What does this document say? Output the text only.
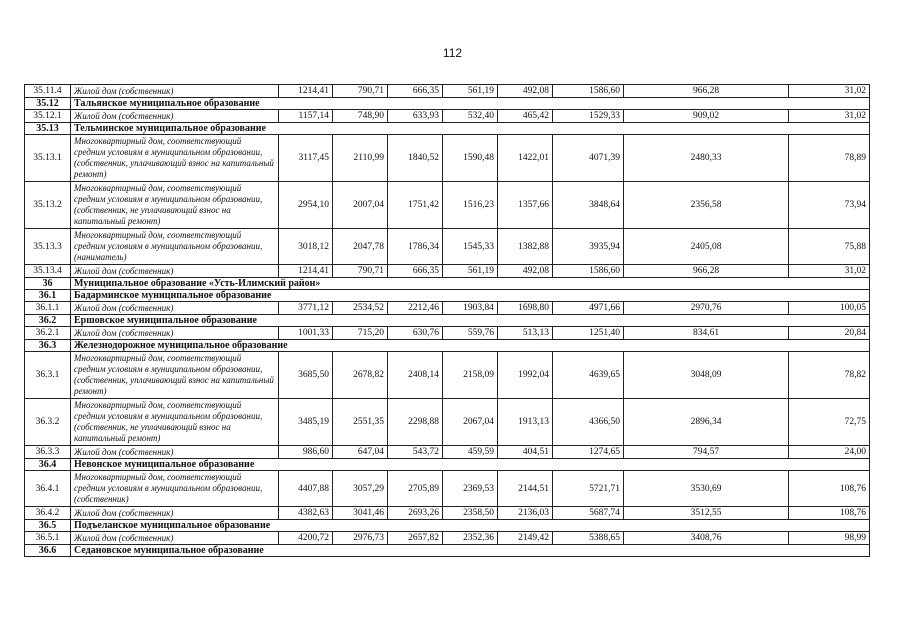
112
35.11.4	Жилой дом (собственник)	1214,41	790,71	666,35	561,19	492,08	1586,60	966,28	31,02
35.12	Тальянское муниципальное образование								
35.12.1	Жилой дом (собственник)	1157,14	748,90	633,93	532,40	465,42	1529,33	909,02	31,02
35.13	Тельминское муниципальное образование								
35.13.1	Многоквартирный дом, соответствующий средним условиям в муниципальном образовании, (собственник, уплачивающий взнос на капитальный ремонт)	3117,45	2110,99	1840,52	1590,48	1422,01	4071,39	2480,33	78,89
35.13.2	Многоквартирный дом, соответствующий средним условиям в муниципальном образовании, (собственник, не уплачивающий взнос на капитальный ремонт)	2954,10	2007,04	1751,42	1516,23	1357,66	3848,64	2356,58	73,94
35.13.3	Многоквартирный дом, соответствующий средним условиям в муниципальном образовании, (наниматель)	3018,12	2047,78	1786,34	1545,33	1382,88	3935,94	2405,08	75,88
35.13.4	Жилой дом (собственник)	1214,41	790,71	666,35	561,19	492,08	1586,60	966,28	31,02
36	Муниципальное образование «Усть-Илимский район»								
36.1	Бадарминское муниципальное образование								
36.1.1	Жилой дом (собственник)	3771,12	2534,52	2212,46	1903,84	1698,80	4971,66	2970,76	100,05
36.2	Ершовское муниципальное образование								
36.2.1	Жилой дом (собственник)	1001,33	715,20	630,76	559,76	513,13	1251,40	834,61	20,84
36.3	Железнодорожное муниципальное образование								
36.3.1	Многоквартирный дом, соответствующий средним условиям в муниципальном образовании, (собственник, уплачивающий взнос на капитальный ремонт)	3685,50	2678,82	2408,14	2158,09	1992,04	4639,65	3048,09	78,82
36.3.2	Многоквартирный дом, соответствующий средним условиям в муниципальном образовании, (собственник, не уплачивающий взнос на капитальный ремонт)	3485,19	2551,35	2298,88	2067,04	1913,13	4366,50	2896,34	72,75
36.3.3	Жилой дом (собственник)	986,60	647,04	543,72	459,59	404,51	1274,65	794,57	24,00
36.4	Невонское муниципальное образование								
36.4.1	Многоквартирный дом, соответствующий средним условиям в муниципальном образовании, (собственник)	4407,88	3057,29	2705,89	2369,53	2144,51	5721,71	3530,69	108,76
36.4.2	Жилой дом (собственник)	4382,63	3041,46	2693,26	2358,50	2136,03	5687,74	3512,55	108,76
36.5	Подъеланское муниципальное образование								
36.5.1	Жилой дом (собственник)	4200,72	2976,73	2657,82	2352,36	2149,42	5388,65	3408,76	98,99
36.6	Седановское муниципальное образование								
